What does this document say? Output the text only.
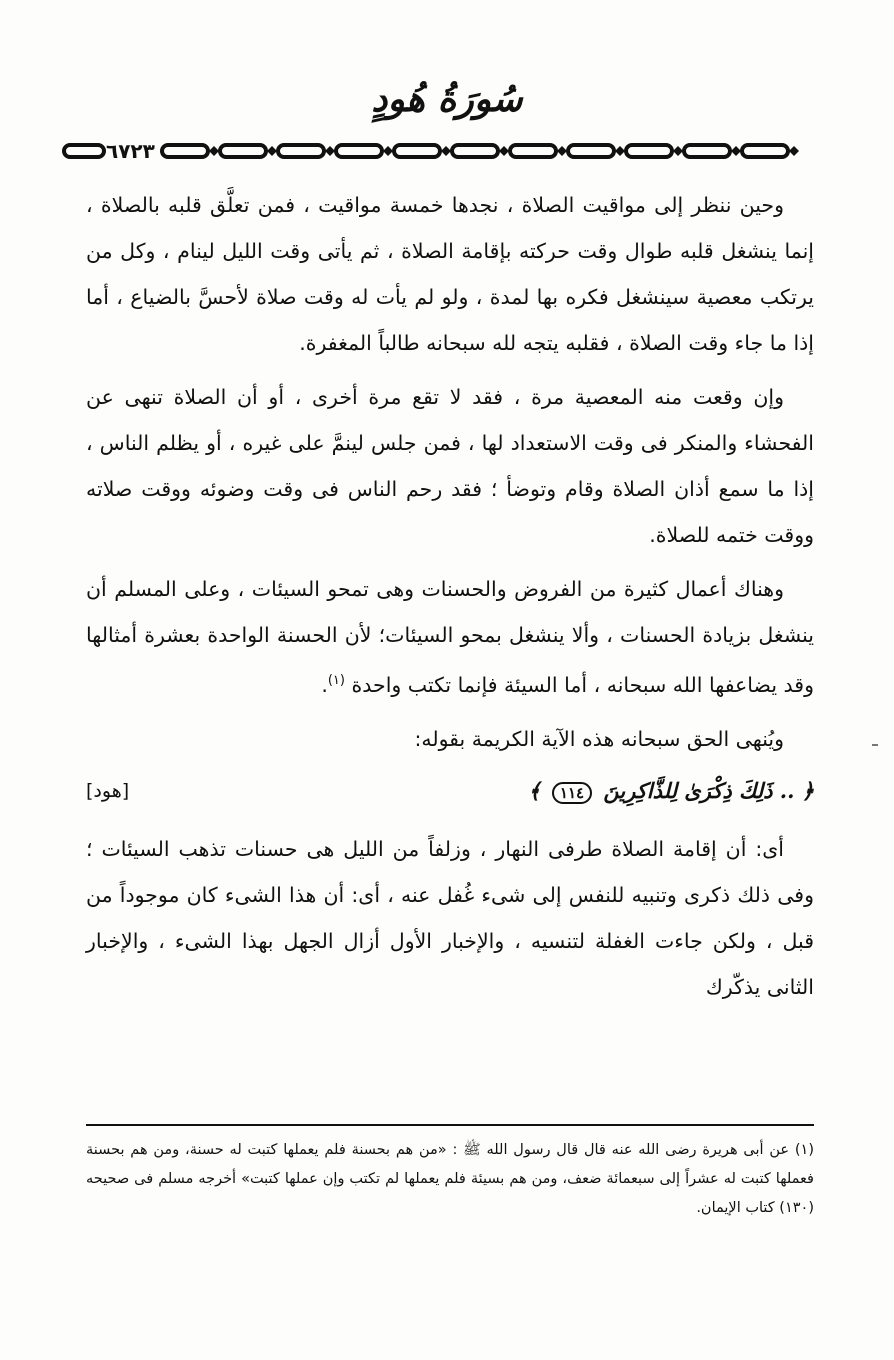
سُورَةُ هُودٍ
٦٧٢٣

وحين ننظر إلى مواقيت الصلاة ، نجدها خمسة مواقيت ، فمن تعلَّق قلبه بالصلاة ، إنما ينشغل قلبه طوال وقت حركته بإقامة الصلاة ، ثم يأتى وقت الليل لينام ، وكل من يرتكب معصية سينشغل فكره بها لمدة ، ولو لم يأت له وقت صلاة لأحسَّ بالضياع ، أما إذا ما جاء وقت الصلاة ، فقلبه يتجه لله سبحانه طالباً المغفرة.

وإن وقعت منه المعصية مرة ، فقد لا تقع مرة أخرى ، أو أن الصلاة تنهى عن الفحشاء والمنكر فى وقت الاستعداد لها ، فمن جلس لينمَّ على غيره ، أو يظلم الناس ، إذا ما سمع أذان الصلاة وقام وتوضأ ؛ فقد رحم الناس فى وقت وضوئه ووقت صلاته ووقت ختمه للصلاة.

وهناك أعمال كثيرة من الفروض والحسنات وهى تمحو السيئات ، وعلى المسلم أن ينشغل بزيادة الحسنات ، وألا ينشغل بمحو السيئات؛ لأن الحسنة الواحدة بعشرة أمثالها وقد يضاعفها الله سبحانه ، أما السيئة فإنما تكتب واحدة $^{(١)}$.

ويُنهى الحق سبحانه هذه الآية الكريمة بقوله:

﴿ .. ذَلِكَ ذِكْرَىٰ لِلذَّاكِرِينَ ١١٤ ﴾
[هود]

أى: أن إقامة الصلاة طرفى النهار ، وزلفاً من الليل هى حسنات تذهب السيئات ؛ وفى ذلك ذكرى وتنبيه للنفس إلى شىء غُفل عنه ، أى: أن هذا الشىء كان موجوداً من قبل ، ولكن جاءت الغفلة لتنسيه ، والإخبار الأول أزال الجهل بهذا الشىء ، والإخبار الثانى يذكّرك

(١) عن أبى هريرة رضى الله عنه قال قال رسول الله ﷺ : «من هم بحسنة فلم يعملها كتبت له حسنة، ومن هم بحسنة فعملها كتبت له عشراً إلى سبعمائة ضعف، ومن هم بسيئة فلم يعملها لم تكتب وإن عملها كتبت» أخرجه مسلم فى صحيحه (١٣٠) كتاب الإيمان.
